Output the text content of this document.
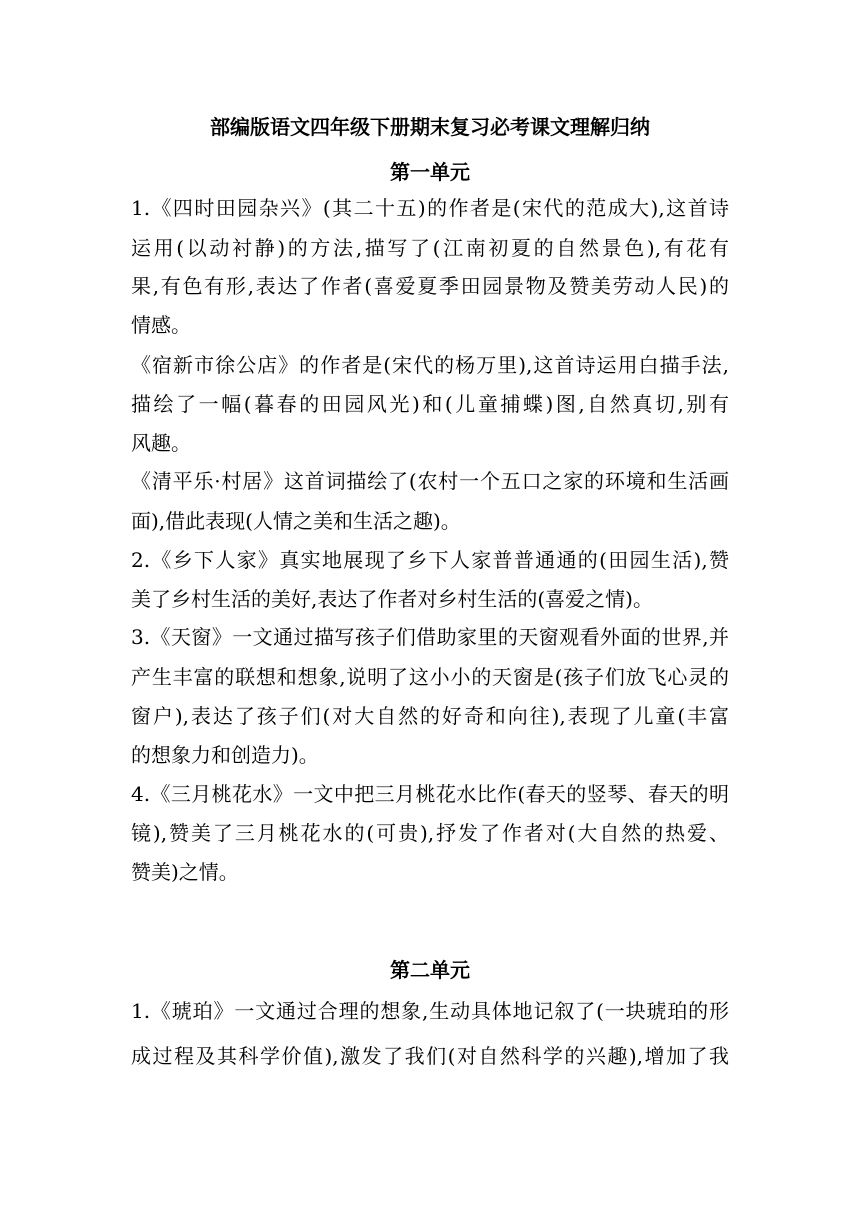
部编版语文四年级下册期末复习必考课文理解归纳
第一单元
1.《四时田园杂兴》(其二十五)的作者是(宋代的范成大),这首诗
运用(以动衬静)的方法,描写了(江南初夏的自然景色),有花有
果,有色有形,表达了作者(喜爱夏季田园景物及赞美劳动人民)的
情感。
《宿新市徐公店》的作者是(宋代的杨万里),这首诗运用白描手法,
描绘了一幅(暮春的田园风光)和(儿童捕蝶)图,自然真切,别有
风趣。
《清平乐·村居》这首词描绘了(农村一个五口之家的环境和生活画
面),借此表现(人情之美和生活之趣)。
2.《乡下人家》真实地展现了乡下人家普普通通的(田园生活),赞
美了乡村生活的美好,表达了作者对乡村生活的(喜爱之情)。
3.《天窗》一文通过描写孩子们借助家里的天窗观看外面的世界,并
产生丰富的联想和想象,说明了这小小的天窗是(孩子们放飞心灵的
窗户),表达了孩子们(对大自然的好奇和向往),表现了儿童(丰富
的想象力和创造力)。
4.《三月桃花水》一文中把三月桃花水比作(春天的竖琴、春天的明
镜),赞美了三月桃花水的(可贵),抒发了作者对(大自然的热爱、
赞美)之情。
第二单元
1.《琥珀》一文通过合理的想象,生动具体地记叙了(一块琥珀的形
成过程及其科学价值),激发了我们(对自然科学的兴趣),增加了我
